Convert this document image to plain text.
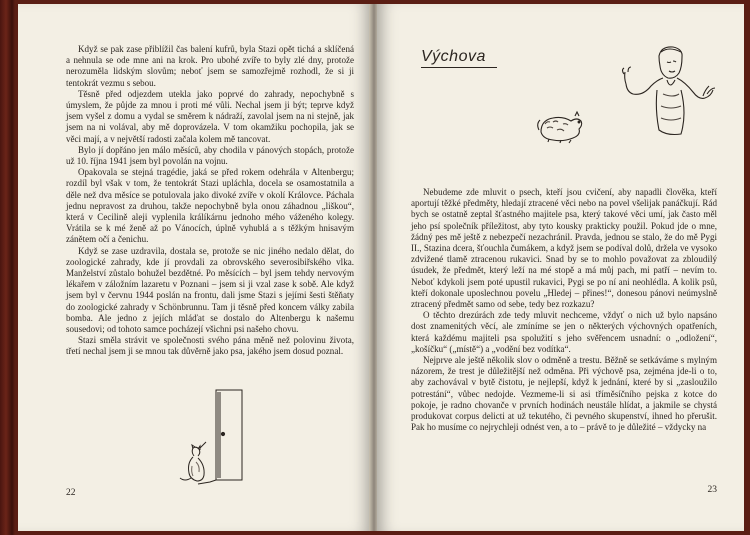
Když se pak zase přiblížil čas balení kufrů, byla Stazi opět tichá a sklíčená a nehnula se ode mne ani na krok. Pro ubohé zvíře to byly zlé dny, protože nerozuměla lidským slovům; neboť jsem se samozřejmě rozhodl, že si ji tentokrát vezmu s sebou.

Těsně před odjezdem utekla jako poprvé do zahrady, nepochybně s úmyslem, že půjde za mnou i proti mé vůli. Nechal jsem ji být; teprve když jsem vyšel z domu a vydal se směrem k nádraží, zavolal jsem na ni stejně, jak jsem na ni volával, aby mě doprovázela. V tom okamžiku pochopila, jak se věci mají, a v největší radosti začala kolem mě tancovat.

Bylo jí dopřáno jen málo měsíců, aby chodila v pánových stopách, protože už 10. října 1941 jsem byl povolán na vojnu.

Opakovala se stejná tragédie, jaká se před rokem odehrála v Altenbergu; rozdíl byl však v tom, že tentokrát Stazi upláchla, docela se osamostatnila a děle než dva měsíce se potulovala jako divoké zvíře v okolí Královce. Páchala jednu nepravost za druhou, takže nepochybně byla onou záhadnou „liškou“, která v Cecilině aleji vyplenila králíkárnu jednoho mého váženého kolegy. Vrátila se k mé ženě až po Vánocích, úplně vyhublá a s těžkým hnisavým zánětem očí a čenichu.

Když se zase uzdravila, dostala se, protože se nic jiného nedalo dělat, do zoologické zahrady, kde jí provdali za obrovského severosibiřského vlka. Manželství zůstalo bohužel bezdětné. Po měsících – byl jsem tehdy nervovým lékařem v záložním lazaretu v Poznani – jsem si ji vzal zase k sobě. Ale když jsem byl v červnu 1944 poslán na frontu, dali jsme Stazi s jejími šesti štěňaty do zoologické zahrady v Schönbrunnu. Tam ji těsně před koncem války zabila bomba. Ale jedno z jejích mláďat se dostalo do Altenbergu k našemu sousedovi; od tohoto samce pocházejí všichni psi našeho chovu.

Stazi směla strávit ve společnosti svého pána měně než polovinu života, třetí nechal jsem ji se mnou tak důvěrně jako psa, jakého jsem dosud poznal.

22
Výchova

Nebudeme zde mluvit o psech, kteří jsou cvičení, aby napadli člověka, kteří aportují těžké předměty, hledají ztracené věci nebo na povel všelijak panáčkují. Rád bych se ostatně zeptal šťastného majitele psa, který takové věci umí, jak často měl jeho psí společník příležitost, aby tyto kousky prakticky použil. Pokud jde o mne, žádný pes mě ještě z nebezpečí nezachránil. Pravda, jednou se stalo, že do mě Pygi II., Stazina dcera, šťouchla čumákem, a když jsem se podíval dolů, držela ve vysoko zdvižené tlamě ztracenou rukavici. Snad by se to mohlo považovat za zbloudilý úsudek, že předmět, který leží na mé stopě a má můj pach, mi patří – nevím to. Neboť kdykoli jsem poté upustil rukavici, Pygi se po ní ani neohlédla. A kolik psů, kteří dokonale uposlechnou povelu „Hledej – přines!“, donesou pánovi neúmyslně ztracený předmět samo od sebe, tedy bez rozkazu?

O těchto drezúrách zde tedy mluvit nechceme, vždyť o nich už bylo napsáno dost znamenitých věcí, ale zmíníme se jen o některých výchovných opatřeních, která každému majiteli psa spolužití s jeho svěřencem usnadní: o „odložení“, „košíčku“ („místě“) a „vodění bez vodítka“.

Nejprve ale ještě několik slov o odměně a trestu. Běžně se setkáváme s mylným názorem, že trest je důležitější než odměna. Při výchově psa, zejména jde-li o to, aby zachovával v bytě čistotu, je nejlepší, když k jednání, které by si „zasloužilo potrestání“, vůbec nedojde. Vezmeme-li si asi tříměsíčního pejska z kotce do pokoje, je radno chovanče v prvních hodinách neustále hlídat, a jakmile se chystá produkovat corpus delicti at už tekutého, či pevného skupenství, ihned ho přerušit. Pak ho musíme co nejrychleji odnést ven, a to – právě to je důležité – vždycky na

23
